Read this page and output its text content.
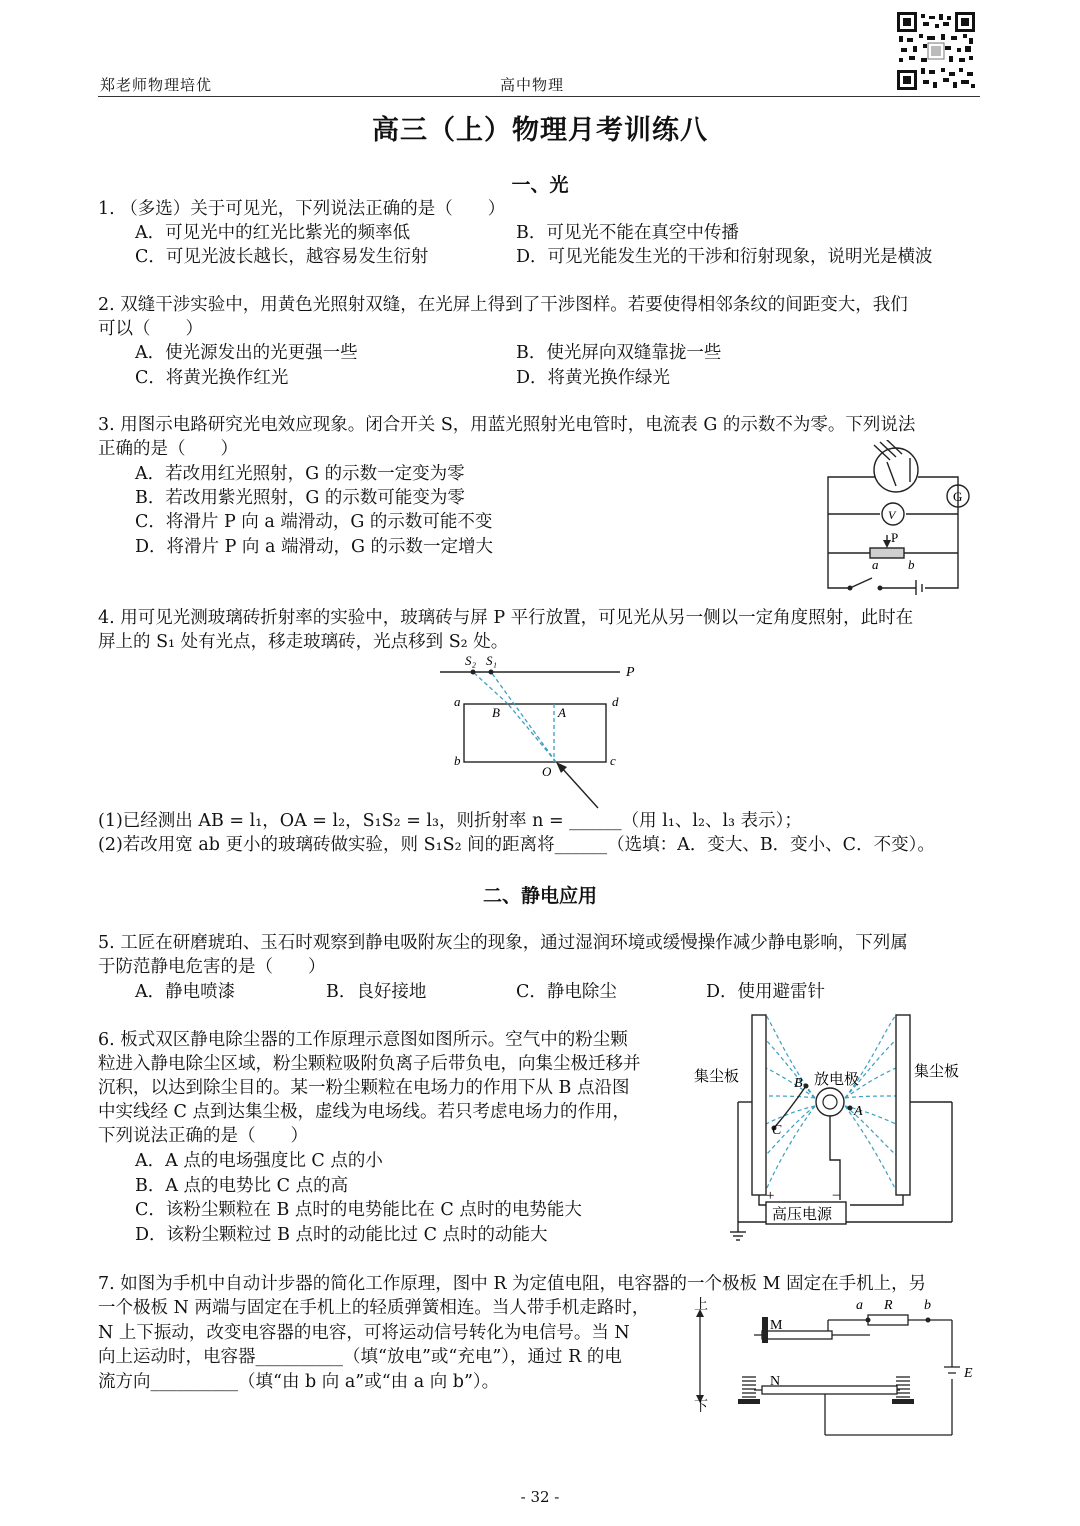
郑老师物理培优	高中物理
高三（上）物理月考训练八
一、光
1. （多选）关于可见光，下列说法正确的是（　　）
A．可见光中的红光比紫光的频率低	B．可见光不能在真空中传播
C．可见光波长越长，越容易发生衍射	D．可见光能发生光的干涉和衍射现象，说明光是横波
2. 双缝干涉实验中，用黄色光照射双缝，在光屏上得到了干涉图样。若要使得相邻条纹的间距变大，我们
可以（　　）
A．使光源发出的光更强一些	B．使光屏向双缝靠拢一些
C．将黄光换作红光	D．将黄光换作绿光
3. 用图示电路研究光电效应现象。闭合开关 S，用蓝光照射光电管时，电流表 G 的示数不为零。下列说法
正确的是（　　）
A．若改用红光照射，G 的示数一定变为零
B．若改用紫光照射，G 的示数可能变为零
C．将滑片 P 向 a 端滑动，G 的示数可能不变
D．将滑片 P 向 a 端滑动，G 的示数一定增大
G
V
P
a b
4. 用可见光测玻璃砖折射率的实验中，玻璃砖与屏 P 平行放置，可见光从另一侧以一定角度照射，此时在
屏上的 S₁ 处有光点，移走玻璃砖，光点移到 S₂ 处。
S₂ S₁
P
a	d
b	c
B	A
O
(1)已经测出 AB = l₁，OA = l₂，S₁S₂ = l₃，则折射率 n = ______（用 l₁、l₂、l₃ 表示）；
(2)若改用宽 ab 更小的玻璃砖做实验，则 S₁S₂ 间的距离将______（选填：A．变大、B．变小、C．不变）。
二、静电应用
5. 工匠在研磨琥珀、玉石时观察到静电吸附灰尘的现象，通过湿润环境或缓慢操作减少静电影响，下列属
于防范静电危害的是（　　）
A．静电喷漆	B．良好接地	C．静电除尘	D．使用避雷针
6. 板式双区静电除尘器的工作原理示意图如图所示。空气中的粉尘颗
粒进入静电除尘区域，粉尘颗粒吸附负离子后带负电，向集尘极迁移并
沉积，以达到除尘目的。某一粉尘颗粒在电场力的作用下从 B 点沿图
中实线经 C 点到达集尘极，虚线为电场线。若只考虑电场力的作用，
下列说法正确的是（　　）
A．A 点的电场强度比 C 点的小
B．A 点的电势比 C 点的高
C．该粉尘颗粒在 B 点时的电势能比在 C 点时的电势能大
D．该粉尘颗粒过 B 点时的动能比过 C 点时的动能大
集尘板	集尘板
放电极
B
A
C
+	−
高压电源
7. 如图为手机中自动计步器的简化工作原理，图中 R 为定值电阻，电容器的一个极板 M 固定在手机上，另
一个极板 N 两端与固定在手机上的轻质弹簧相连。当人带手机走路时，
N 上下振动，改变电容器的电容，可将运动信号转化为电信号。当 N
向上运动时，电容器__________（填“放电”或“充电”），通过 R 的电
流方向__________（填“由 b 向 a”或“由 a 向 b”）。
上
下
M
N
a R b
E
- 32 -
